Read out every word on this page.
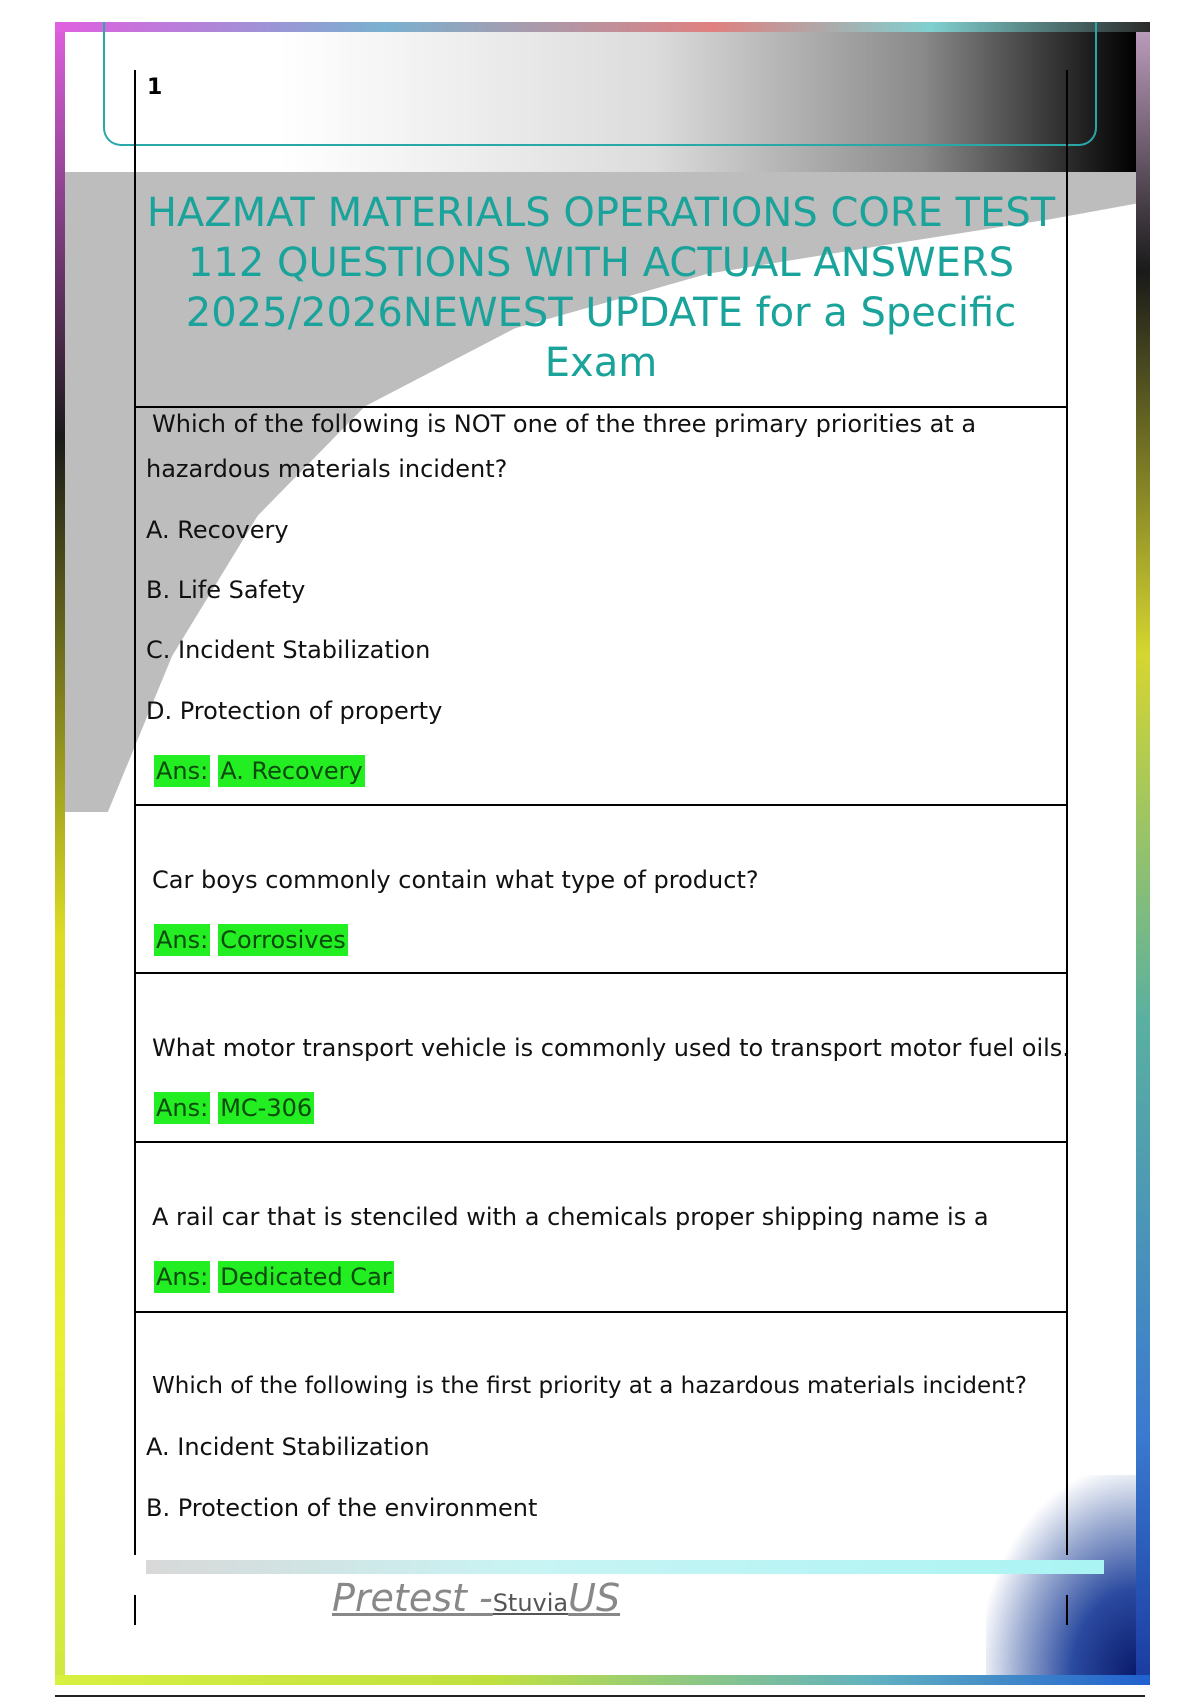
1
HAZMAT MATERIALS OPERATIONS CORE TEST
112 QUESTIONS WITH ACTUAL ANSWERS
2025/2026NEWEST UPDATE for a Specific Exam
Which of the following is NOT one of the three primary priorities at a
hazardous materials incident?
A. Recovery
B. Life Safety
C. Incident Stabilization
D. Protection of property
Ans: A. Recovery
Car boys commonly contain what type of product?
Ans: Corrosives
What motor transport vehicle is commonly used to transport motor fuel oils.
Ans: MC-306
A rail car that is stenciled with a chemicals proper shipping name is a
Ans: Dedicated Car
Which of the following is the first priority at a hazardous materials incident?
A. Incident Stabilization
B. Protection of the environment
Pretest -StuviaUS
